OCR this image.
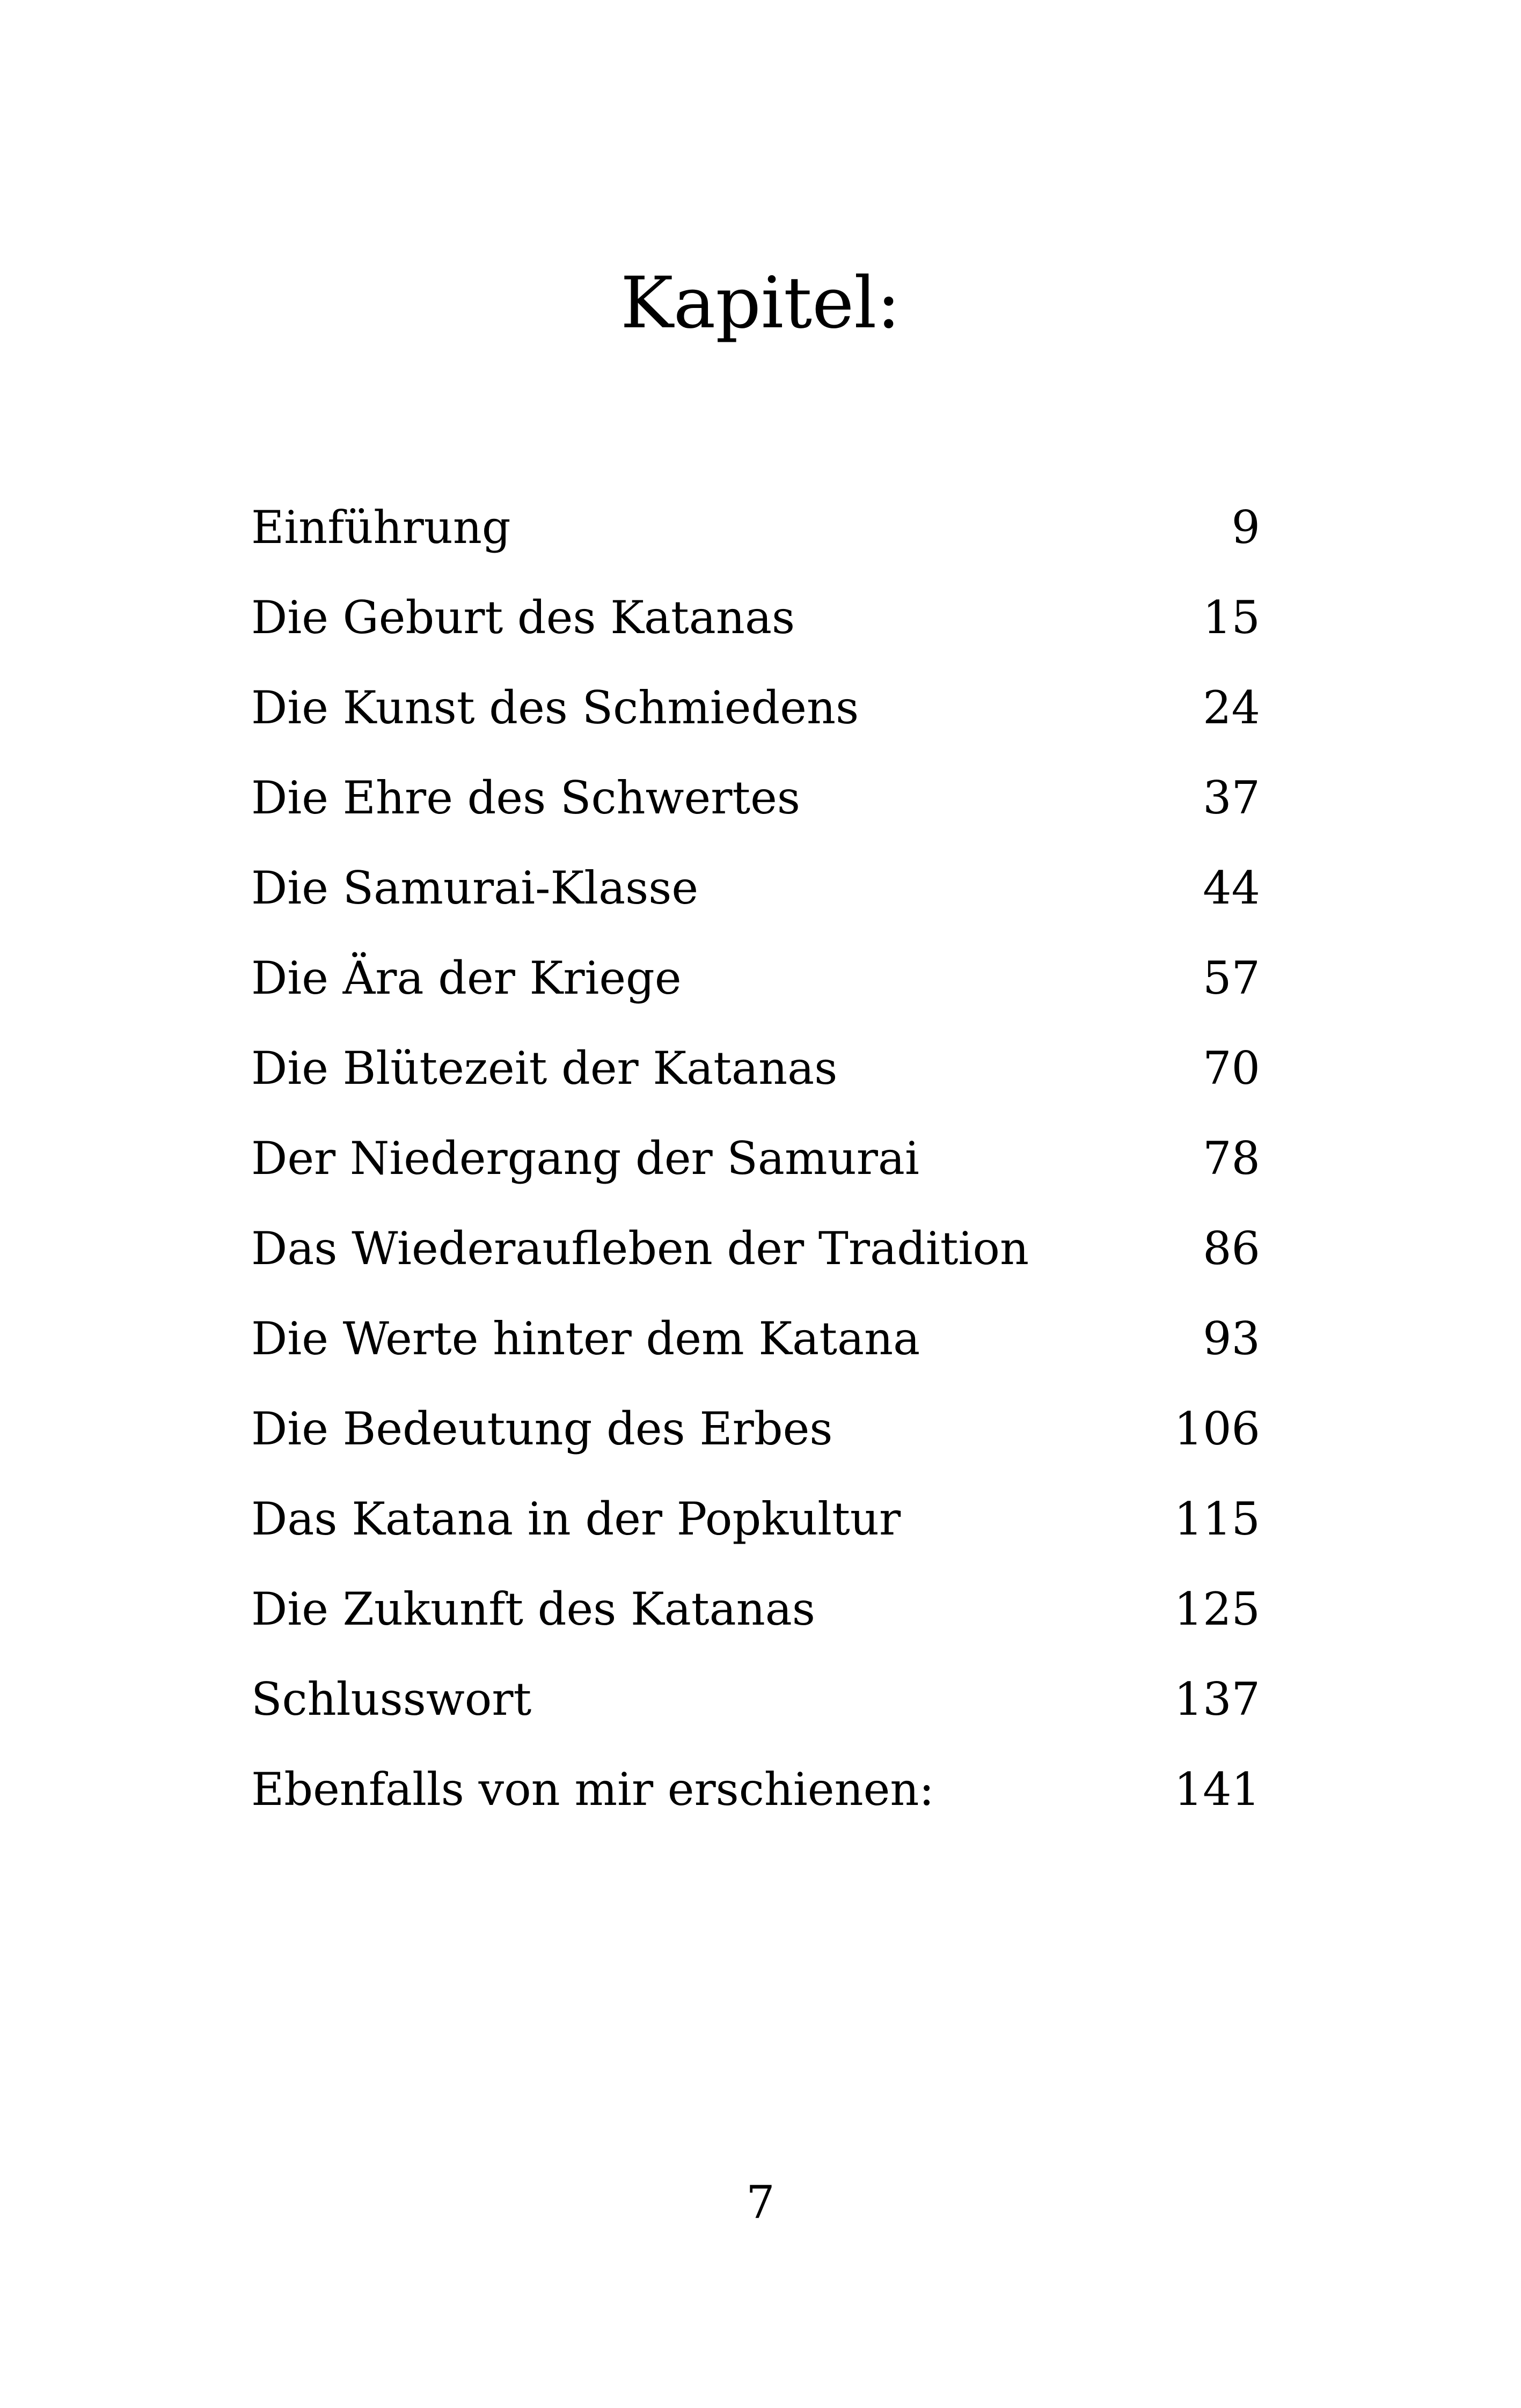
Kapitel:
Einführung	9
Die Geburt des Katanas	15
Die Kunst des Schmiedens	24
Die Ehre des Schwertes	37
Die Samurai-Klasse	44
Die Ära der Kriege	57
Die Blütezeit der Katanas	70
Der Niedergang der Samurai	78
Das Wiederaufleben der Tradition	86
Die Werte hinter dem Katana	93
Die Bedeutung des Erbes	106
Das Katana in der Popkultur	115
Die Zukunft des Katanas	125
Schlusswort	137
Ebenfalls von mir erschienen:	141
7
